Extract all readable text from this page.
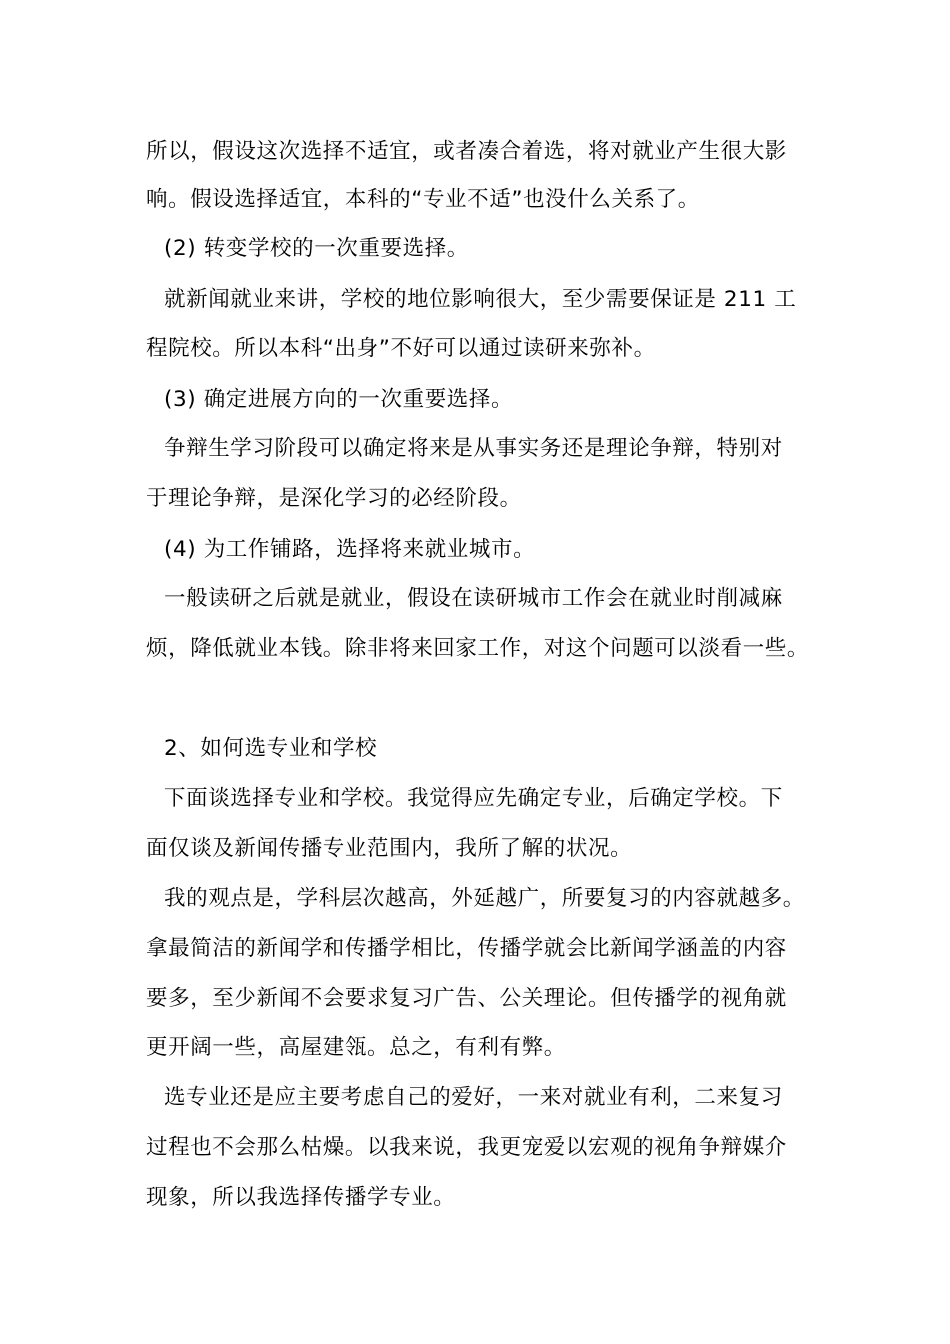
所以，假设这次选择不适宜，或者凑合着选，将对就业产生很大影
响。假设选择适宜，本科的“专业不适”也没什么关系了。
(2) 转变学校的一次重要选择。
就新闻就业来讲，学校的地位影响很大，至少需要保证是 211 工
程院校。所以本科“出身”不好可以通过读研来弥补。
(3) 确定进展方向的一次重要选择。
争辩生学习阶段可以确定将来是从事实务还是理论争辩，特别对
于理论争辩，是深化学习的必经阶段。
(4) 为工作铺路，选择将来就业城市。
一般读研之后就是就业，假设在读研城市工作会在就业时削减麻
烦，降低就业本钱。除非将来回家工作，对这个问题可以淡看一些。
2、如何选专业和学校
下面谈选择专业和学校。我觉得应先确定专业，后确定学校。下
面仅谈及新闻传播专业范围内，我所了解的状况。
我的观点是，学科层次越高，外延越广，所要复习的内容就越多。
拿最简洁的新闻学和传播学相比，传播学就会比新闻学涵盖的内容
要多，至少新闻不会要求复习广告、公关理论。但传播学的视角就
更开阔一些，高屋建瓴。总之，有利有弊。
选专业还是应主要考虑自己的爱好，一来对就业有利，二来复习
过程也不会那么枯燥。以我来说，我更宠爱以宏观的视角争辩媒介
现象，所以我选择传播学专业。
